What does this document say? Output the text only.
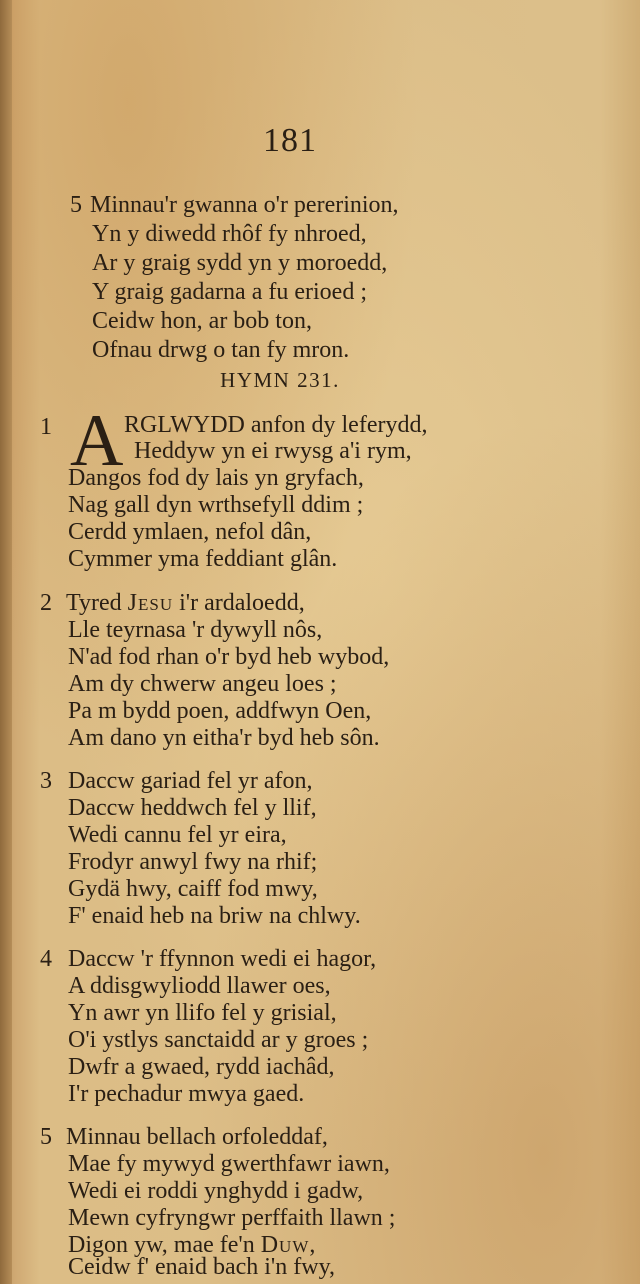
181
5 Minnau'r gwanna o'r pererinion,
Yn y diwedd rhôf fy nhroed,
Ar y graig sydd yn y moroedd,
Y graig gadarna a fu erioed ;
Ceidw hon, ar bob ton,
Ofnau drwg o tan fy mron.
HYMN 231.
1 A RGLWYDD anfon dy leferydd,
Heddyw yn ei rwysg a'i rym,
Dangos fod dy lais yn gryfach,
Nag gall dyn wrthsefyll ddim ;
Cerdd ymlaen, nefol dân,
Cymmer yma feddiant glân.
2 Tyred Jesu i'r ardaloedd,
Lle teyrnasa 'r dywyll nôs,
N'ad fod rhan o'r byd heb wybod,
Am dy chwerw angeu loes ;
Pa m bydd poen, addfwyn Oen,
Am dano yn eitha'r byd heb sôn.
3 Daccw gariad fel yr afon,
Daccw heddwch fel y llif,
Wedi cannu fel yr eira,
Frodyr anwyl fwy na rhif;
Gydä hwy, caiff fod mwy,
F' enaid heb na briw na chlwy.
4 Daccw 'r ffynnon wedi ei hagor,
A ddisgwyliodd llawer oes,
Yn awr yn llifo fel y grisial,
O'i ystlys sanctaidd ar y groes ;
Dwfr a gwaed, rydd iachâd,
I'r pechadur mwya gaed.
5 Minnau bellach orfoleddaf,
Mae fy mywyd gwerthfawr iawn,
Wedi ei roddi ynghydd i gadw,
Mewn cyfryngwr perffaith llawn ;
Digon yw, mae fe'n Duw,
Ceidw f' enaid bach i'n fwy,
